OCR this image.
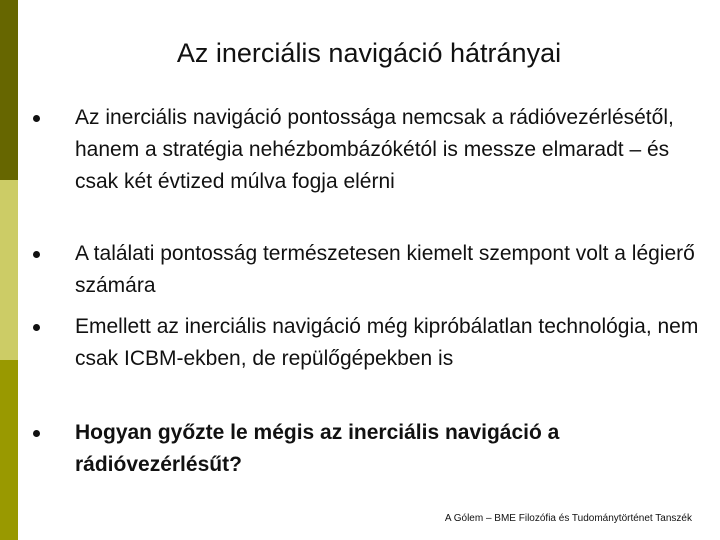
Az inerciális navigáció hátrányai
Az inerciális navigáció pontossága nemcsak a rádióvezérlésétől, hanem a stratégia nehézbombázókétól is messze elmaradt – és csak két évtized múlva fogja elérni
A találati pontosság természetesen kiemelt szempont volt a légierő számára
Emellett az inerciális navigáció még kipróbálatlan technológia, nem csak ICBM-ekben, de repülőgépekben is
Hogyan győzte le mégis az inerciális navigáció a rádióvezérlésűt?
A Gólem – BME Filozófia és Tudománytörténet Tanszék
